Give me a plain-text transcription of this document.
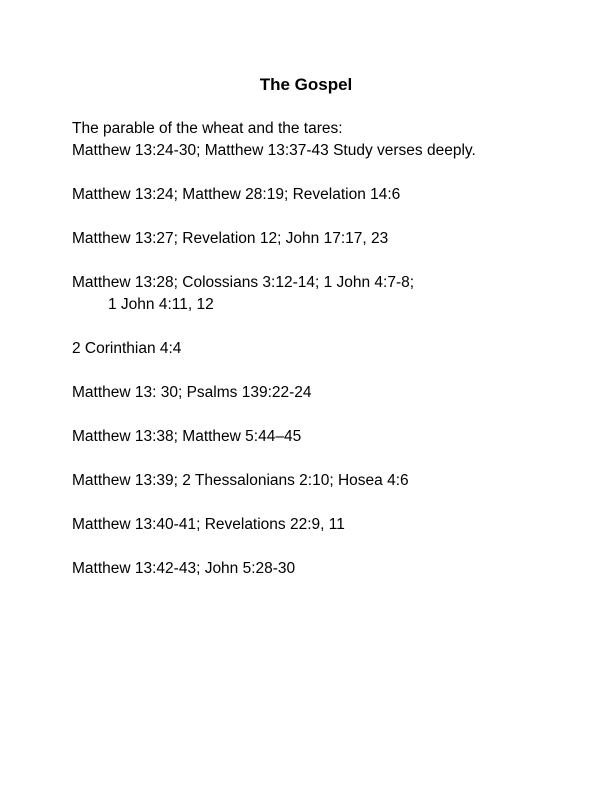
The Gospel
The parable of the wheat and the tares:
Matthew 13:24-30; Matthew 13:37-43 Study verses deeply.
Matthew 13:24; Matthew 28:19; Revelation 14:6
Matthew 13:27; Revelation 12; John 17:17, 23
Matthew 13:28; Colossians 3:12-14; 1 John 4:7-8;
1 John 4:11, 12
2 Corinthian 4:4
Matthew 13: 30; Psalms 139:22-24
Matthew 13:38; Matthew 5:44–45
Matthew 13:39; 2 Thessalonians 2:10; Hosea 4:6
Matthew 13:40-41; Revelations 22:9, 11
Matthew 13:42-43; John 5:28-30
